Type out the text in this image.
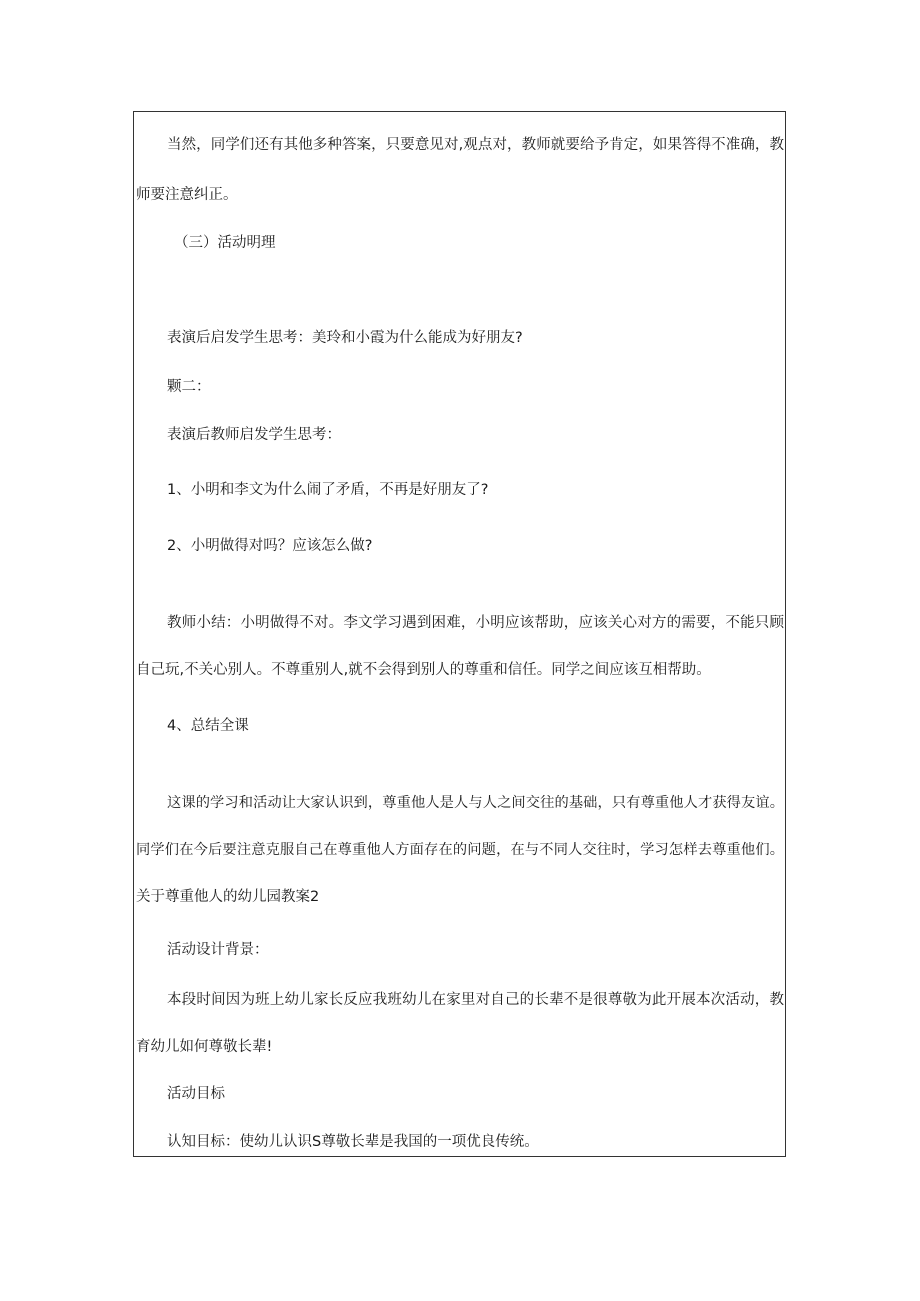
当然，同学们还有其他多种答案，只要意见对,观点对，教师就要给予肯定，如果答得不准确，教

师要注意纠正。

（三）活动明理

表演后启发学生思考：美玲和小霞为什么能成为好朋友?

颗二：

表演后教师启发学生思考：

1、小明和李文为什么闹了矛盾，不再是好朋友了?

2、小明做得对吗？应该怎么做?

教师小结：小明做得不对。李文学习遇到困难，小明应该帮助，应该关心对方的需要，不能只顾

自己玩,不关心别人。不尊重别人,就不会得到别人的尊重和信任。同学之间应该互相帮助。

4、总结全课

这课的学习和活动让大家认识到，尊重他人是人与人之间交往的基础，只有尊重他人才获得友谊。

同学们在今后要注意克服自己在尊重他人方面存在的问题，在与不同人交往时，学习怎样去尊重他们。

关于尊重他人的幼儿园教案2

活动设计背景：

本段时间因为班上幼儿家长反应我班幼儿在家里对自己的长辈不是很尊敬为此开展本次活动，教

育幼儿如何尊敬长辈!

活动目标

认知目标：使幼儿认识S尊敬长辈是我国的一项优良传统。
